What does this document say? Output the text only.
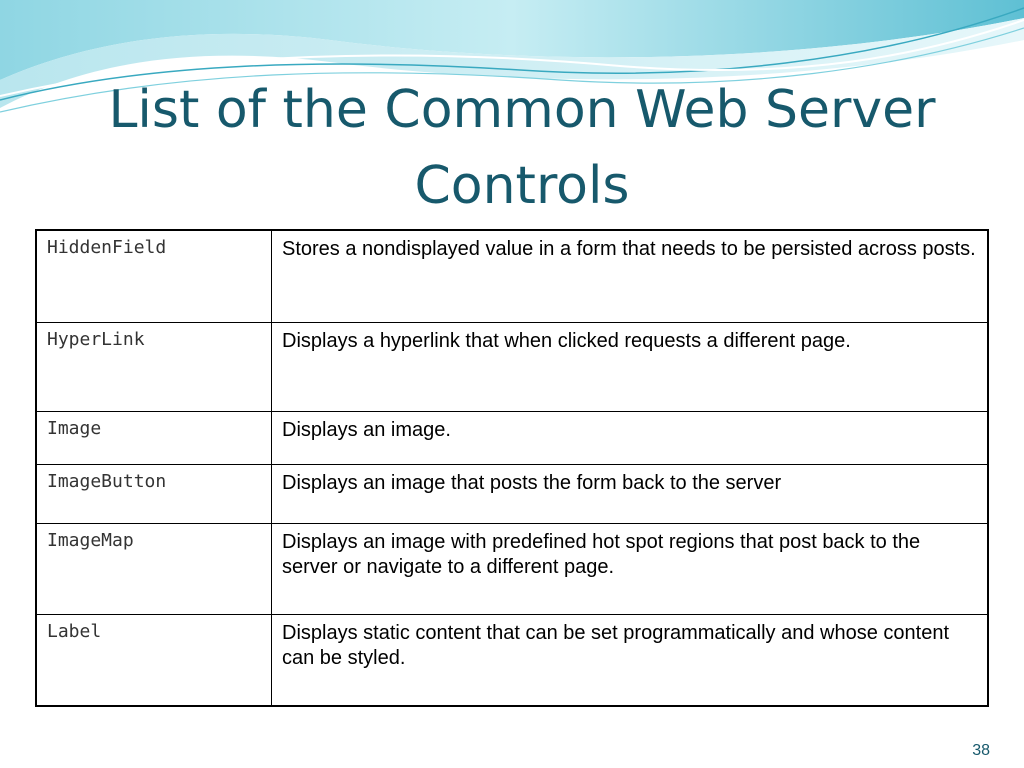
List of the Common Web Server
Controls
HiddenField	Stores a nondisplayed value in a form that needs to be persisted across posts.
HyperLink	Displays a hyperlink that when clicked requests a different page.
Image	Displays an image.
ImageButton	Displays an image that posts the form back to the server
ImageMap	Displays an image with predefined hot spot regions that post back to the server or navigate to a different page.
Label	Displays static content that can be set programmatically and whose content can be styled.
38
